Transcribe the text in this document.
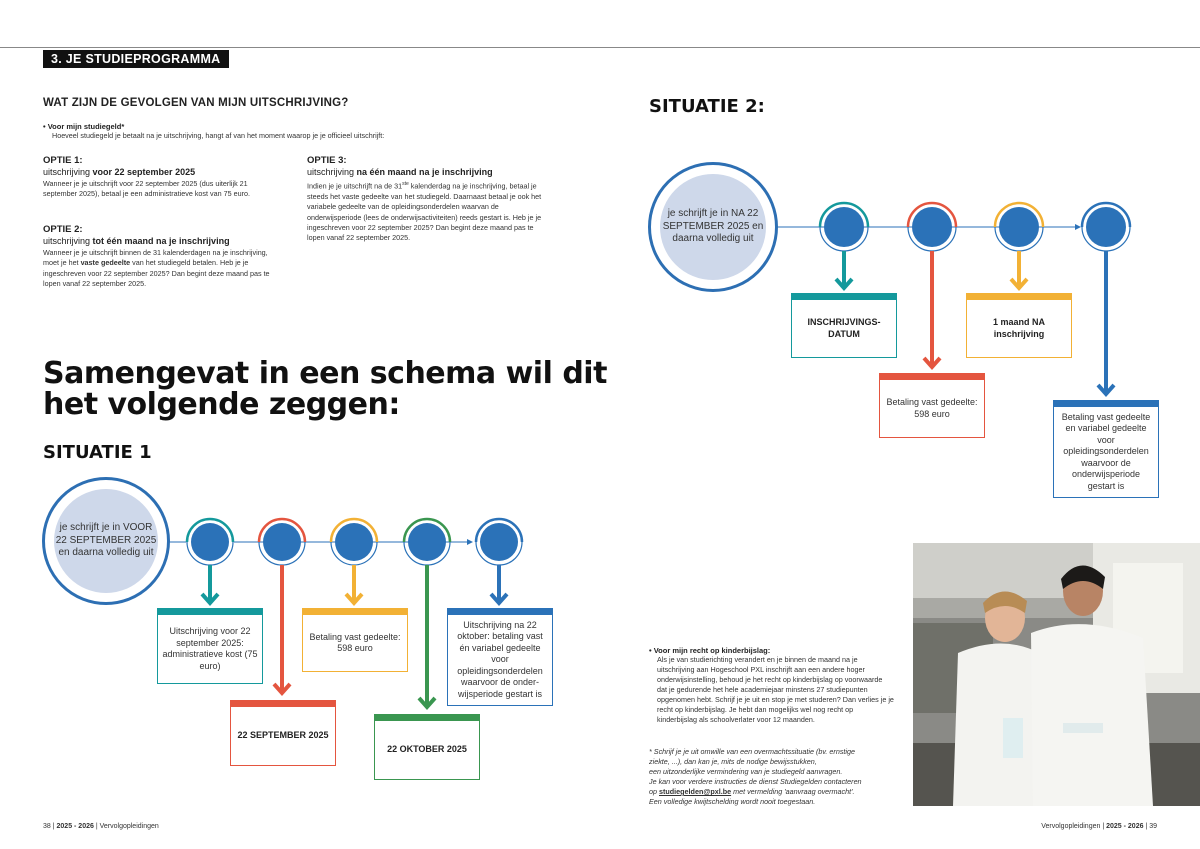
3. JE STUDIEPROGRAMMA
WAT ZIJN DE GEVOLGEN VAN MIJN UITSCHRIJVING?
• Voor mijn studiegeld*
Hoeveel studiegeld je betaalt na je uitschrijving, hangt af van het moment waarop je je officieel uitschrijft:
OPTIE 1:
uitschrijving voor 22 september 2025
Wanneer je je uitschrijft voor 22 september 2025 (dus uiterlijk 21 september 2025), betaal je een administratieve kost van 75 euro.
OPTIE 2:
uitschrijving tot één maand na je inschrijving
Wanneer je je uitschrijft binnen de 31 kalenderdagen na je inschrijving, moet je het vaste gedeelte van het studiegeld betalen. Heb je je ingeschreven voor 22 september 2025? Dan begint deze maand pas te lopen vanaf 22 september 2025.
OPTIE 3:
uitschrijving na één maand na je inschrijving
Indien je je uitschrijft na de 31ste kalenderdag na je inschrijving, betaal je steeds het vaste gedeelte van het studiegeld. Daarnaast betaal je ook het variabele gedeelte van de opleidingsonderdelen waarvan de onderwijsperiode (lees de onderwijsactiviteiten) reeds gestart is. Heb je je ingeschreven voor 22 september 2025? Dan begint deze maand pas te lopen vanaf 22 september 2025.
Samengevat in een schema wil dit
het volgende zeggen:
SITUATIE 1
SITUATIE 2:
je schrijft je in VOOR 22 SEPTEMBER 2025 en daarna volledig uit
Uitschrijving voor 22 september 2025: administratieve kost (75 euro)
22 SEPTEMBER 2025
Betaling vast gedeelte: 598 euro
22 OKTOBER 2025
Uitschrijving na 22 oktober: betaling vast én variabel gedeelte voor opleidingsonderdelen waarvoor de onder-wijsperiode gestart is
je schrijft je in NA 22 SEPTEMBER 2025 en daarna volledig uit
INSCHRIJVINGS-DATUM
Betaling vast gedeelte: 598 euro
1 maand NA inschrijving
Betaling vast gedeelte en variabel gedeelte voor opleidingsonderdelen waarvoor de onderwijsperiode gestart is
• Voor mijn recht op kinderbijslag:
Als je van studierichting verandert en je binnen de maand na je uitschrijving aan Hogeschool PXL inschrijft aan een andere hoger onderwijsinstelling, behoud je het recht op kinderbijslag op voorwaarde dat je gedurende het hele academiejaar minstens 27 studiepunten opgenomen hebt. Schrijf je je uit en stop je met studeren? Dan verlies je je recht op kinderbijslag. Je hebt dan mogelijks wel nog recht op kinderbijslag als schoolverlater voor 12 maanden.
* Schrijf je je uit omwille van een overmachtssituatie (bv. ernstige
ziekte, ...), dan kan je, mits de nodige bewijsstukken,
een uitzonderlijke vermindering van je studiegeld aanvragen.
Je kan voor verdere instructies de dienst Studiegelden contacteren
op studiegelden@pxl.be met vermelding 'aanvraag overmacht'.
Een volledige kwijtschelding wordt nooit toegestaan.
38 | 2025 - 2026 | Vervolgopleidingen	Vervolgopleidingen | 2025 - 2026 | 39
